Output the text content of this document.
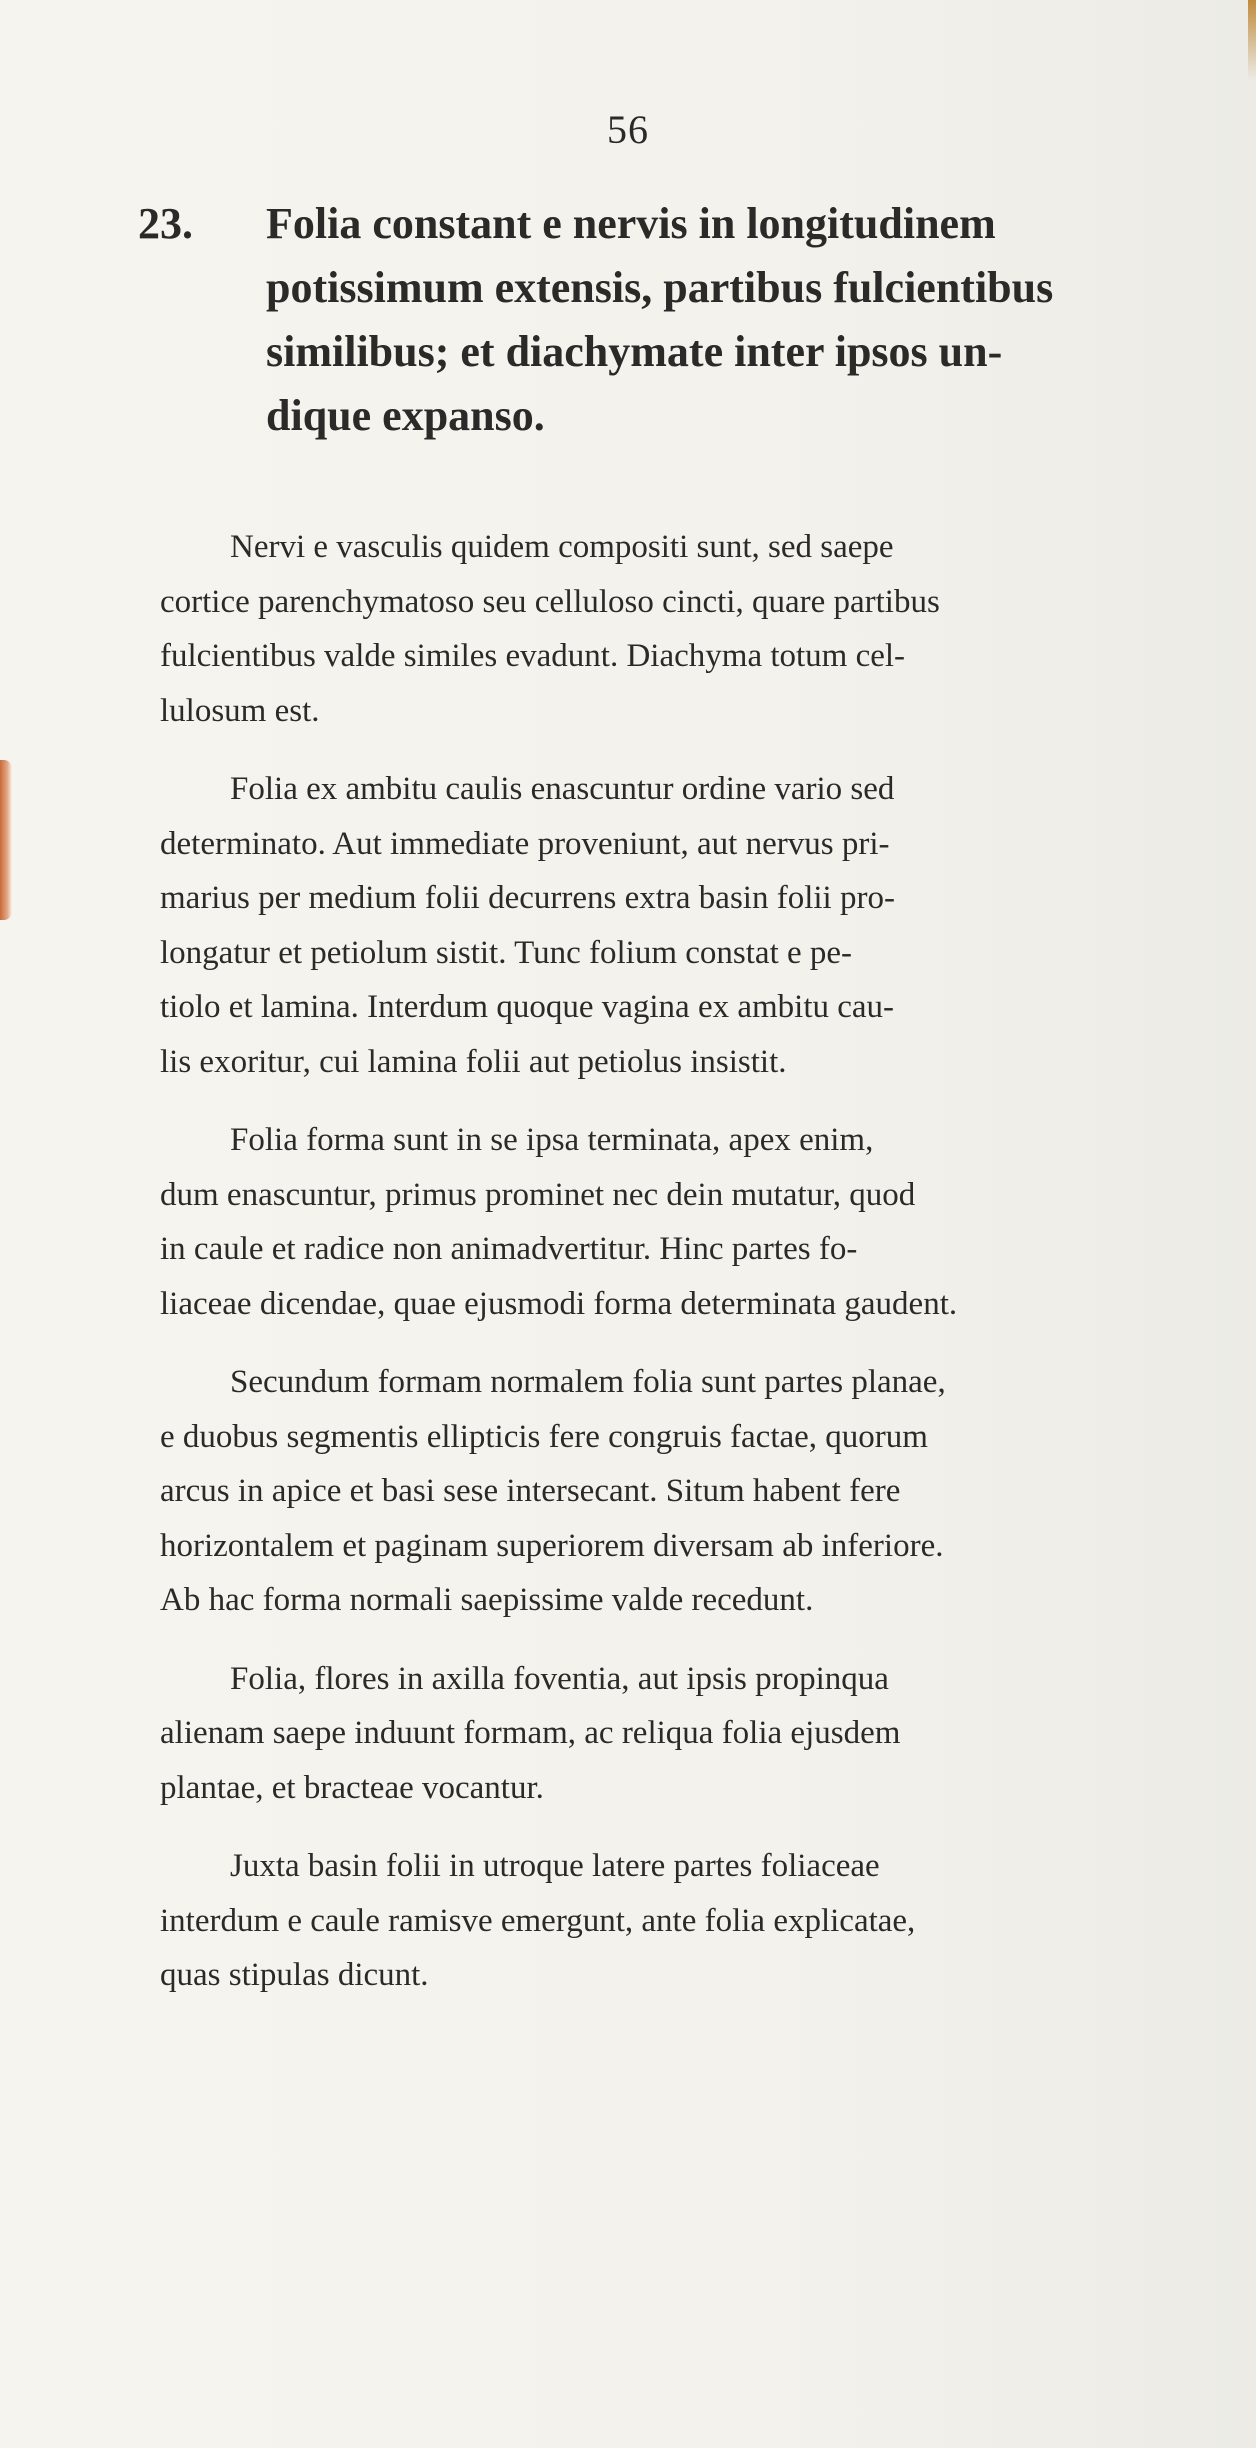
56
23. Folia constant e nervis in longitudinem
potissimum extensis, partibus fulcientibus
similibus; et diachymate inter ipsos un-
dique expanso.
Nervi e vasculis quidem compositi sunt, sed saepe
cortice parenchymatoso seu celluloso cincti, quare partibus
fulcientibus valde similes evadunt. Diachyma totum cel-
lulosum est.
Folia ex ambitu caulis enascuntur ordine vario sed
determinato. Aut immediate proveniunt, aut nervus pri-
marius per medium folii decurrens extra basin folii pro-
longatur et petiolum sistit. Tunc folium constat e pe-
tiolo et lamina. Interdum quoque vagina ex ambitu cau-
lis exoritur, cui lamina folii aut petiolus insistit.
Folia forma sunt in se ipsa terminata, apex enim,
dum enascuntur, primus prominet nec dein mutatur, quod
in caule et radice non animadvertitur. Hinc partes fo-
liaceae dicendae, quae ejusmodi forma determinata gaudent.
Secundum formam normalem folia sunt partes planae,
e duobus segmentis ellipticis fere congruis factae, quorum
arcus in apice et basi sese intersecant. Situm habent fere
horizontalem et paginam superiorem diversam ab inferiore.
Ab hac forma normali saepissime valde recedunt.
Folia, flores in axilla foventia, aut ipsis propinqua
alienam saepe induunt formam, ac reliqua folia ejusdem
plantae, et bracteae vocantur.
Juxta basin folii in utroque latere partes foliaceae
interdum e caule ramisve emergunt, ante folia explicatae,
quas stipulas dicunt.
